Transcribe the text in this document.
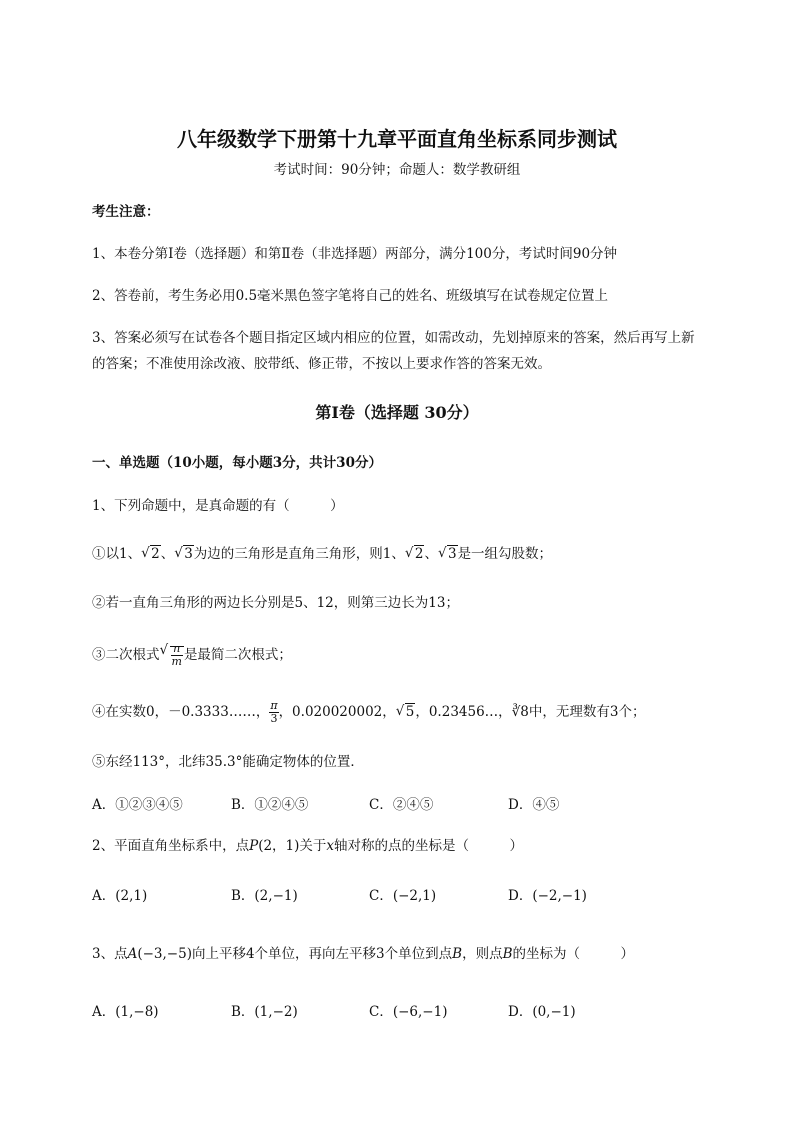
八年级数学下册第十九章平面直角坐标系同步测试
考试时间：90分钟；命题人：数学教研组
考生注意：
1、本卷分第I卷（选择题）和第Ⅱ卷（非选择题）两部分，满分100分，考试时间90分钟
2、答卷前，考生务必用0.5毫米黑色签字笔将自己的姓名、班级填写在试卷规定位置上
3、答案必须写在试卷各个题目指定区域内相应的位置，如需改动，先划掉原来的答案，然后再写上新
的答案；不准使用涂改液、胶带纸、修正带，不按以上要求作答的答案无效。
第I卷（选择题 30分）
一、单选题（10小题，每小题3分，共计30分）
1、下列命题中，是真命题的有（　　　）
①以1、 √ 2、 √ 3为边的三角形是直角三角形，则1、 √ 2、 √ 3是一组勾股数；
②若一直角三角形的两边长分别是5、12，则第三边长为13；
③二次根式 √ $\frac{n}{m}$ 是最简二次根式；
④在实数0，－0.3333……， $\frac{\pi}{3}$ ，0.020020002， √ 5，0.23456…，∛8中，无理数有3个；
⑤东经113°，北纬35.3°能确定物体的位置．
A．①②③④⑤	B．①②④⑤	C．②④⑤	D．④⑤
2、平面直角坐标系中，点P(2，1)关于x轴对称的点的坐标是（　　　）
A．(2,1)	B．(2,−1)	C．(−2,1)	D．(−2,−1)
3、点A(−3,−5)向上平移4个单位，再向左平移3个单位到点B，则点B的坐标为（　　　）
A．(1,−8)	B．(1,−2)	C．(−6,−1)	D．(0,−1)
